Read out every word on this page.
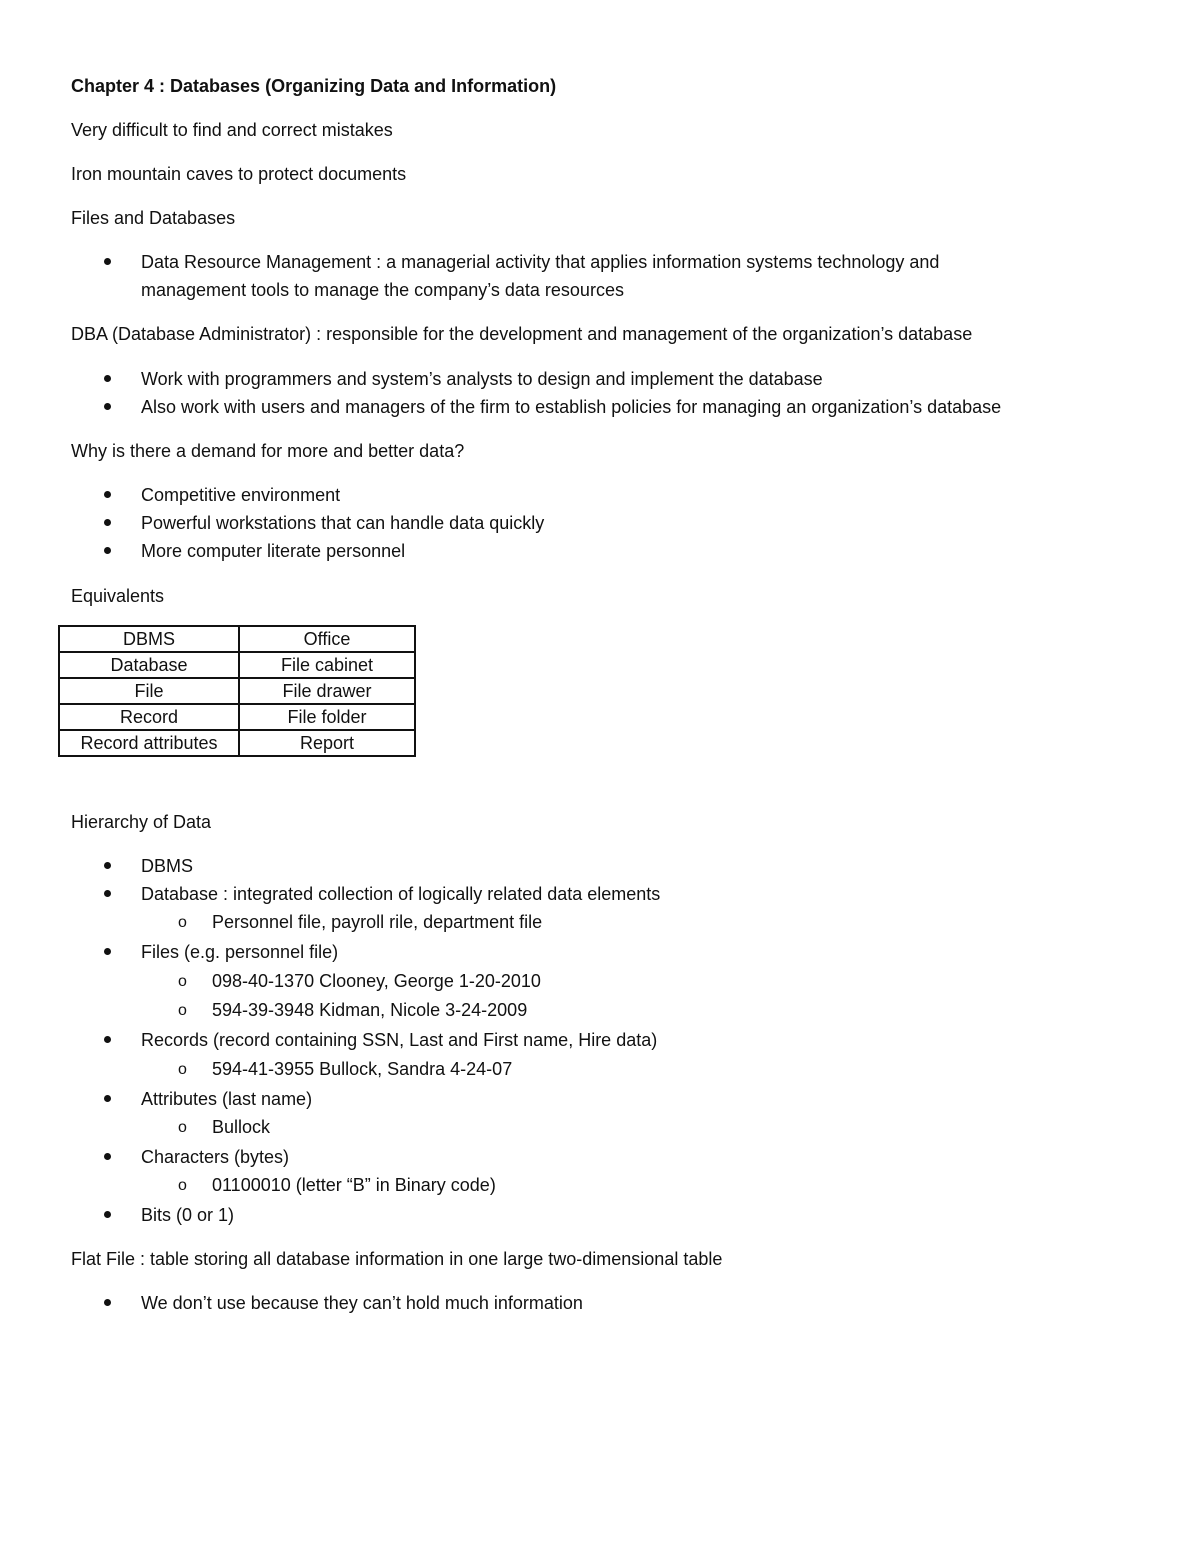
Chapter 4 : Databases (Organizing Data and Information)
Very difficult to find and correct mistakes
Iron mountain caves to protect documents
Files and Databases
Data Resource Management : a managerial activity that applies information systems technology and
management tools to manage the company’s data resources
DBA (Database Administrator) : responsible for the development and management of the organization’s database
Work with programmers and system’s analysts to design and implement the database
Also work with users and managers of the firm to establish policies for managing an organization’s database
Why is there a demand for more and better data?
Competitive environment
Powerful workstations that can handle data quickly
More computer literate personnel
Equivalents
DBMS	Office
Database	File cabinet
File	File drawer
Record	File folder
Record attributes	Report
Hierarchy of Data
DBMS
Database : integrated collection of logically related data elements
o Personnel file, payroll rile, department file
Files (e.g. personnel file)
o 098-40-1370 Clooney, George 1-20-2010
o 594-39-3948 Kidman, Nicole 3-24-2009
Records (record containing SSN, Last and First name, Hire data)
o 594-41-3955 Bullock, Sandra 4-24-07
Attributes (last name)
o Bullock
Characters (bytes)
o 01100010 (letter “B” in Binary code)
Bits (0 or 1)
Flat File : table storing all database information in one large two-dimensional table
We don’t use because they can’t hold much information
